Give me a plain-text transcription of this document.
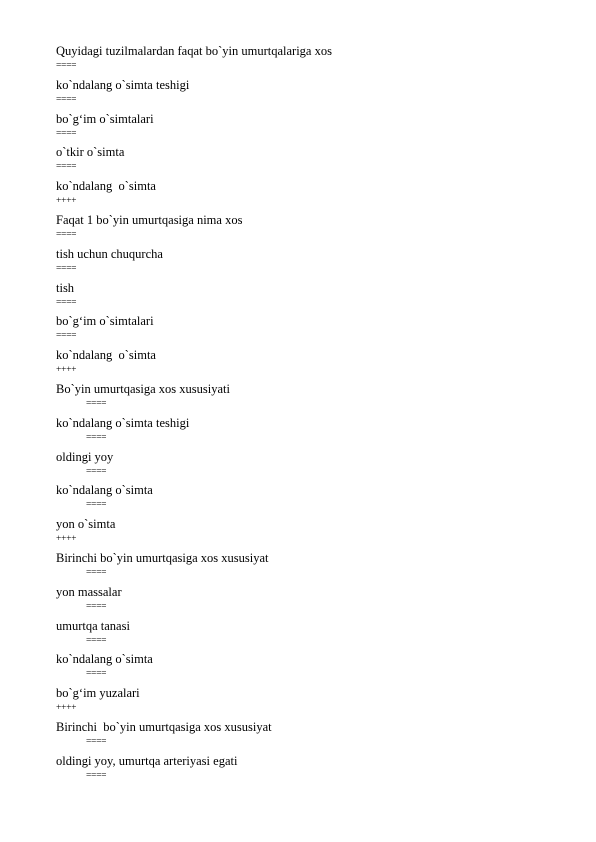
Quyidagi tuzilmalardan faqat bo`yin umurtqalariga xos
====
ko`ndalang o`simta teshigi
====
bo`g‘im o`simtalari
====
o`tkir o`simta
====
ko`ndalang  o`simta
++++
Faqat 1 bo`yin umurtqasiga nima xos
====
tish uchun chuqurcha
====
tish
====
bo`g‘im o`simtalari
====
ko`ndalang  o`simta
++++
Bo`yin umurtqasiga xos xususiyati
====
ko`ndalang o`simta teshigi
====
oldingi yoy
====
ko`ndalang o`simta
====
yon o`simta
++++
Birinchi bo`yin umurtqasiga xos xususiyat
====
yon massalar
====
umurtqa tanasi
====
ko`ndalang o`simta
====
bo`g‘im yuzalari
++++
Birinchi  bo`yin umurtqasiga xos xususiyat
====
oldingi yoy, umurtqa arteriyasi egati
====
